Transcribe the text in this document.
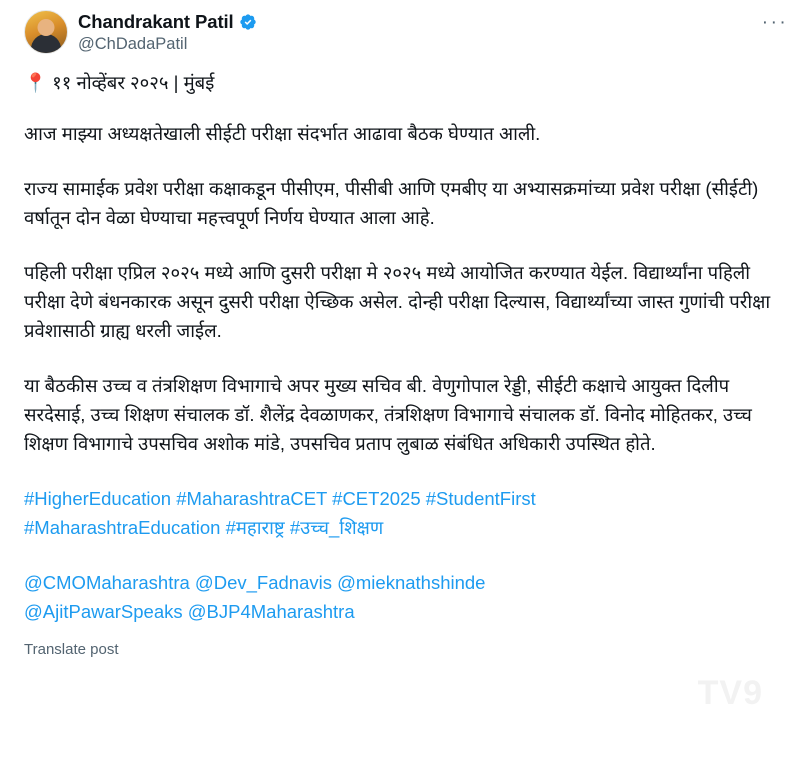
Chandrakant Patil
@ChDadaPatil
···

📍 ११ नोव्हेंबर २०२५ | मुंबई

आज माझ्या अध्यक्षतेखाली सीईटी परीक्षा संदर्भात आढावा बैठक घेण्यात आली.

राज्य सामाईक प्रवेश परीक्षा कक्षाकडून पीसीएम, पीसीबी आणि एमबीए या अभ्यासक्रमांच्या प्रवेश परीक्षा (सीईटी) वर्षातून दोन वेळा घेण्याचा महत्त्वपूर्ण निर्णय घेण्यात आला आहे.

पहिली परीक्षा एप्रिल २०२५ मध्ये आणि दुसरी परीक्षा मे २०२५ मध्ये आयोजित करण्यात येईल. विद्यार्थ्यांना पहिली परीक्षा देणे बंधनकारक असून दुसरी परीक्षा ऐच्छिक असेल. दोन्ही परीक्षा दिल्यास, विद्यार्थ्यांच्या जास्त गुणांची परीक्षा प्रवेशासाठी ग्राह्य धरली जाईल.

या बैठकीस उच्च व तंत्रशिक्षण विभागाचे अपर मुख्य सचिव बी. वेणुगोपाल रेड्डी, सीईटी कक्षाचे आयुक्त दिलीप सरदेसाई, उच्च शिक्षण संचालक डॉ. शैलेंद्र देवळाणकर, तंत्रशिक्षण विभागाचे संचालक डॉ. विनोद मोहितकर, उच्च शिक्षण विभागाचे उपसचिव अशोक मांडे, उपसचिव प्रताप लुबाळ संबंधित अधिकारी उपस्थित होते.

#HigherEducation #MaharashtraCET #CET2025 #StudentFirst
#MaharashtraEducation #महाराष्ट्र #उच्च_शिक्षण

@CMOMaharashtra @Dev_Fadnavis @mieknathshinde
@AjitPawarSpeaks @BJP4Maharashtra

Translate post
TV9
